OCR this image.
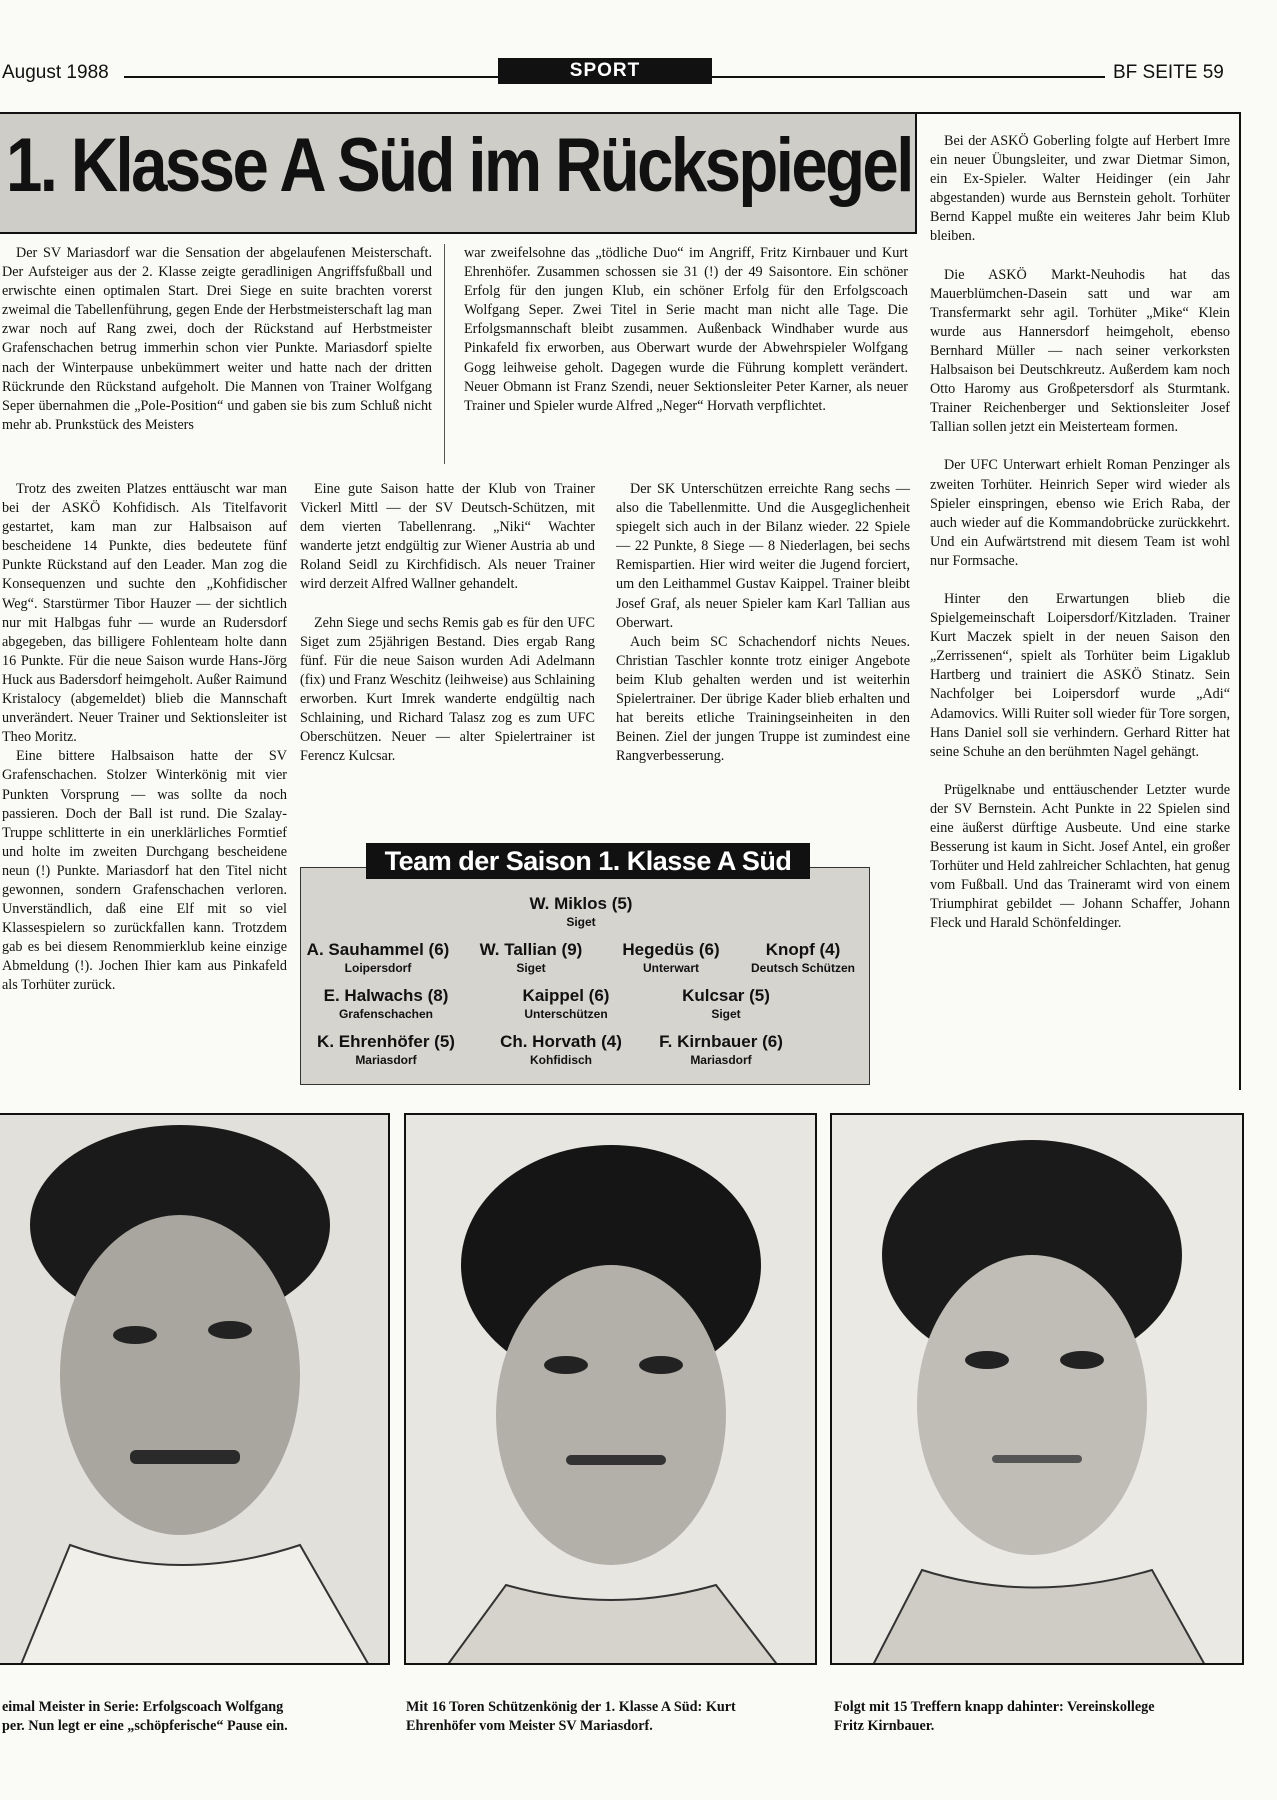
August 1988	SPORT	BF SEITE 59
1. Klasse A Süd im Rückspiegel

Der SV Mariasdorf war die Sensation der abgelaufenen Meisterschaft. Der Aufsteiger aus der 2. Klasse zeigte geradlinigen Angriffsfußball und erwischte einen optimalen Start. Drei Siege en suite brachten vorerst zweimal die Tabellenführung, gegen Ende der Herbstmeisterschaft lag man zwar noch auf Rang zwei, doch der Rückstand auf Herbstmeister Grafenschachen betrug immerhin schon vier Punkte. Mariasdorf spielte nach der Winterpause unbekümmert weiter und hatte nach der dritten Rückrunde den Rückstand aufgeholt. Die Mannen von Trainer Wolfgang Seper übernahmen die „Pole-Position“ und gaben sie bis zum Schluß nicht mehr ab. Prunkstück des Meisters

Trotz des zweiten Platzes enttäuscht war man bei der ASKÖ Kohfidisch. Als Titelfavorit gestartet, kam man zur Halbsaison auf bescheidene 14 Punkte, dies bedeutete fünf Punkte Rückstand auf den Leader. Man zog die Konsequenzen und suchte den „Kohfidischer Weg“. Starstürmer Tibor Hauzer — der sichtlich nur mit Halbgas fuhr — wurde an Rudersdorf abgegeben, das billigere Fohlenteam holte dann 16 Punkte. Für die neue Saison wurde Hans-Jörg Huck aus Badersdorf heimgeholt. Außer Raimund Kristalocy (abgemeldet) blieb die Mannschaft unverändert. Neuer Trainer und Sektionsleiter ist Theo Moritz.

Eine bittere Halbsaison hatte der SV Grafenschachen. Stolzer Winterkönig mit vier Punkten Vorsprung — was sollte da noch passieren. Doch der Ball ist rund. Die Szalay-Truppe schlitterte in ein unerklärliches Formtief und holte im zweiten Durchgang bescheidene neun (!) Punkte. Mariasdorf hat den Titel nicht gewonnen, sondern Grafenschachen verloren. Unverständlich, daß eine Elf mit so viel Klassespielern so zurückfallen kann. Trotzdem gab es bei diesem Renommierklub keine einzige Abmeldung (!). Jochen Ihier kam aus Pinkafeld als Torhüter zurück.

war zweifelsohne das „tödliche Duo“ im Angriff, Fritz Kirnbauer und Kurt Ehrenhöfer. Zusammen schossen sie 31 (!) der 49 Saisontore. Ein schöner Erfolg für den jungen Klub, ein schöner Erfolg für den Erfolgscoach Wolfgang Seper. Zwei Titel in Serie macht man nicht alle Tage. Die Erfolgsmannschaft bleibt zusammen. Außenback Windhaber wurde aus Pinkafeld fix erworben, aus Oberwart wurde der Abwehrspieler Wolfgang Gogg leihweise geholt. Dagegen wurde die Führung komplett verändert. Neuer Obmann ist Franz Szendi, neuer Sektionsleiter Peter Karner, als neuer Trainer und Spieler wurde Alfred „Neger“ Horvath verpflichtet.

Eine gute Saison hatte der Klub von Trainer Vickerl Mittl — der SV Deutsch-Schützen, mit dem vierten Tabellenrang. „Niki“ Wachter wanderte jetzt endgültig zur Wiener Austria ab und Roland Seidl zu Kirchfidisch. Als neuer Trainer wird derzeit Alfred Wallner gehandelt.

Zehn Siege und sechs Remis gab es für den UFC Siget zum 25jährigen Bestand. Dies ergab Rang fünf. Für die neue Saison wurden Adi Adelmann (fix) und Franz Weschitz (leihweise) aus Schlaining erworben. Kurt Imrek wanderte endgültig nach Schlaining, und Richard Talasz zog es zum UFC Oberschützen. Neuer — alter Spielertrainer ist Ferencz Kulcsar.

Der SK Unterschützen erreichte Rang sechs — also die Tabellenmitte. Und die Ausgeglichenheit spiegelt sich auch in der Bilanz wieder. 22 Spiele — 22 Punkte, 8 Siege — 8 Niederlagen, bei sechs Remispartien. Hier wird weiter die Jugend forciert, um den Leithammel Gustav Kaippel. Trainer bleibt Josef Graf, als neuer Spieler kam Karl Tallian aus Oberwart.

Auch beim SC Schachendorf nichts Neues. Christian Taschler konnte trotz einiger Angebote beim Klub gehalten werden und ist weiterhin Spielertrainer. Der übrige Kader blieb erhalten und hat bereits etliche Trainingseinheiten in den Beinen. Ziel der jungen Truppe ist zumindest eine Rangverbesserung.

Bei der ASKÖ Goberling folgte auf Herbert Imre ein neuer Übungsleiter, und zwar Dietmar Simon, ein Ex-Spieler. Walter Heidinger (ein Jahr abgestanden) wurde aus Bernstein geholt. Torhüter Bernd Kappel mußte ein weiteres Jahr beim Klub bleiben.

Die ASKÖ Markt-Neuhodis hat das Mauerblümchen-Dasein satt und war am Transfermarkt sehr agil. Torhüter „Mike“ Klein wurde aus Hannersdorf heimgeholt, ebenso Bernhard Müller — nach seiner verkorksten Halbsaison bei Deutschkreutz. Außerdem kam noch Otto Haromy aus Großpetersdorf als Sturmtank. Trainer Reichenberger und Sektionsleiter Josef Tallian sollen jetzt ein Meisterteam formen.

Der UFC Unterwart erhielt Roman Penzinger als zweiten Torhüter. Heinrich Seper wird wieder als Spieler einspringen, ebenso wie Erich Raba, der auch wieder auf die Kommandobrücke zurückkehrt. Und ein Aufwärtstrend mit diesem Team ist wohl nur Formsache.

Hinter den Erwartungen blieb die Spielgemeinschaft Loipersdorf/Kitzladen. Trainer Kurt Maczek spielt in der neuen Saison den „Zerrissenen“, spielt als Torhüter beim Ligaklub Hartberg und trainiert die ASKÖ Stinatz. Sein Nachfolger bei Loipersdorf wurde „Adi“ Adamovics. Willi Ruiter soll wieder für Tore sorgen, Hans Daniel soll sie verhindern. Gerhard Ritter hat seine Schuhe an den berühmten Nagel gehängt.

Prügelknabe und enttäuschender Letzter wurde der SV Bernstein. Acht Punkte in 22 Spielen sind eine äußerst dürftige Ausbeute. Und eine starke Besserung ist kaum in Sicht. Josef Antel, ein großer Torhüter und Held zahlreicher Schlachten, hat genug vom Fußball. Und das Traineramt wird von einem Triumphirat gebildet — Johann Schaffer, Johann Fleck und Harald Schönfeldinger.

W. Miklos (5)
Siget
A. Sauhammel (6)
Loipersdorf
W. Tallian (9)
Siget
Hegedüs (6)
Unterwart
Knopf (4)
Deutsch Schützen
E. Halwachs (8)
Grafenschachen
Kaippel (6)
Unterschützen
Kulcsar (5)
Siget
K. Ehrenhöfer (5)
Mariasdorf
Ch. Horvath (4)
Kohfidisch
F. Kirnbauer (6)
Mariasdorf
Team der Saison 1. Klasse A Süd
eimal Meister in Serie: Erfolgscoach Wolfgang
per. Nun legt er eine „schöpferische“ Pause ein.
Mit 16 Toren Schützenkönig der 1. Klasse A Süd: Kurt
Ehrenhöfer vom Meister SV Mariasdorf.
Folgt mit 15 Treffern knapp dahinter: Vereinskollege
Fritz Kirnbauer.
